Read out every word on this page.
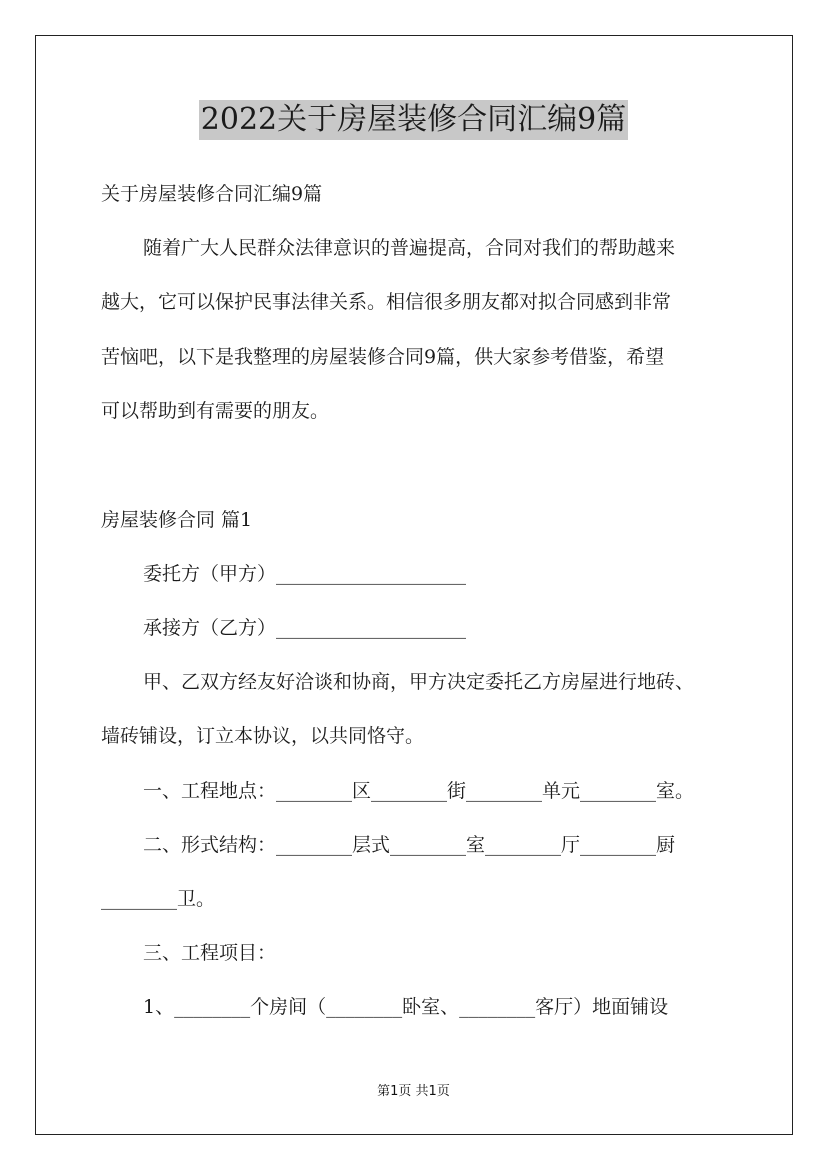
2022关于房屋装修合同汇编9篇
关于房屋装修合同汇编9篇
随着广大人民群众法律意识的普遍提高，合同对我们的帮助越来
越大，它可以保护民事法律关系。相信很多朋友都对拟合同感到非常
苦恼吧，以下是我整理的房屋装修合同9篇，供大家参考借鉴，希望
可以帮助到有需要的朋友。
房屋装修合同 篇1
委托方（甲方）____________________
承接方（乙方）____________________
甲、乙双方经友好洽谈和协商，甲方决定委托乙方房屋进行地砖、
墙砖铺设，订立本协议，以共同恪守。
一、工程地点：________区________街________单元________室。
二、形式结构：________层式________室________厅________厨
________卫。
三、工程项目：
1、________个房间（________卧室、________客厅）地面铺设
第1页 共1页
